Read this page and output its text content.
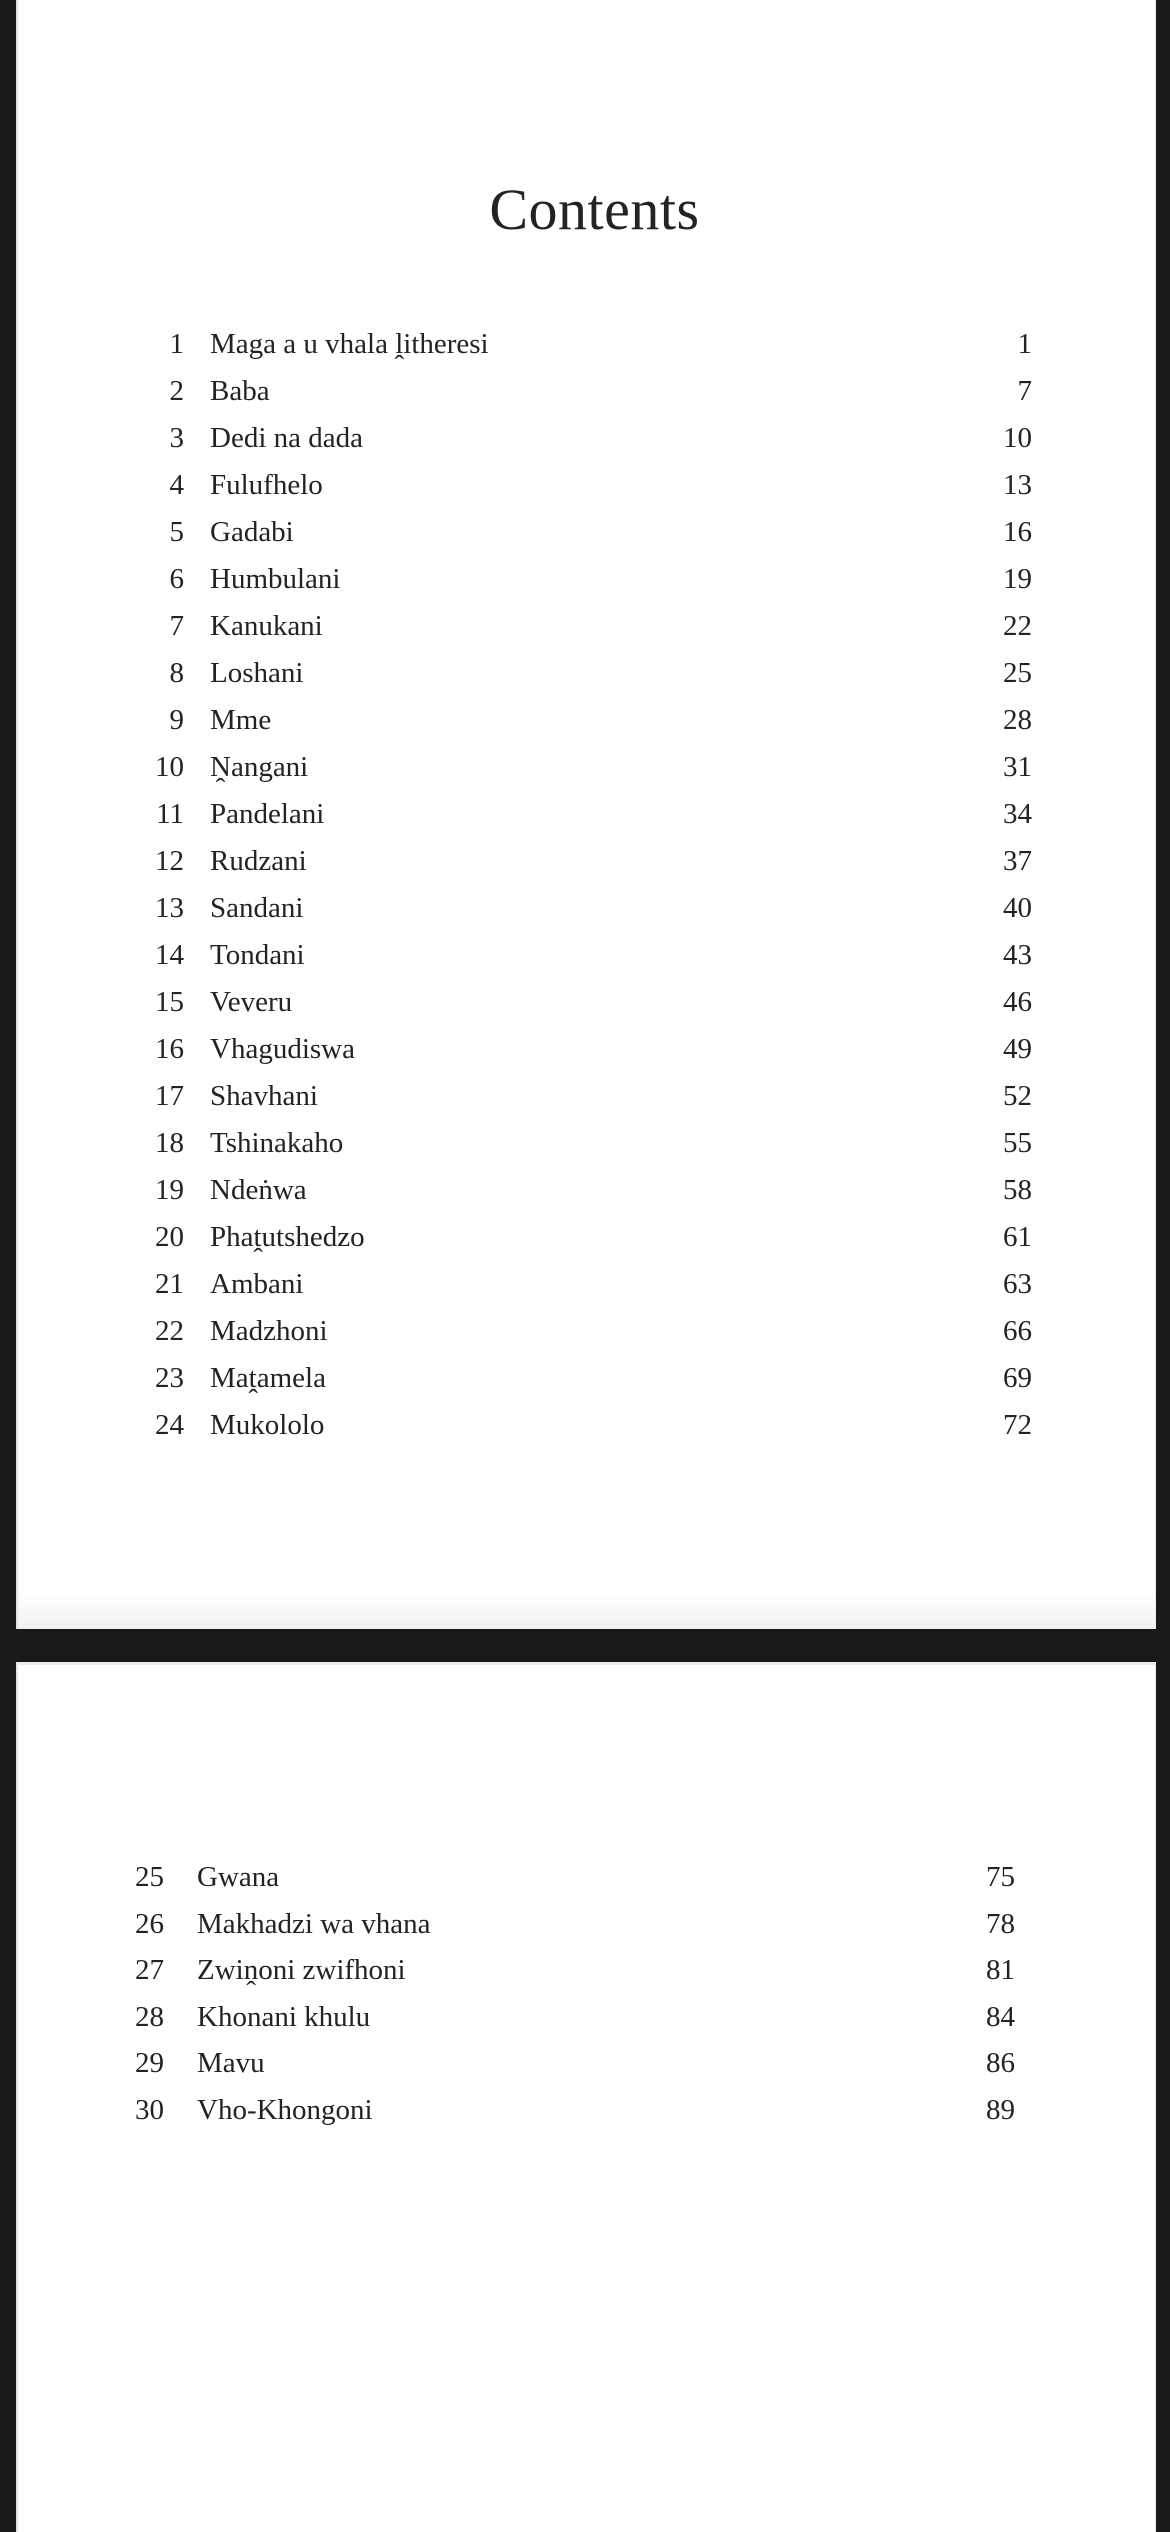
Contents
1 Maga a u vhala ḽitheresi	1
2 Baba	7
3 Dedi na dada	10
4 Fulufhelo	13
5 Gadabi	16
6 Humbulani	19
7 Kanukani	22
8 Loshani	25
9 Mme	28
10 Ṋangani	31
11 Pandelani	34
12 Rudzani	37
13 Sandani	40
14 Tondani	43
15 Veveru	46
16 Vhagudiswa	49
17 Shavhani	52
18 Tshinakaho	55
19 Ndeṅwa	58
20 Phaṱutshedzo	61
21 Ambani	63
22 Madzhoni	66
23 Maṱamela	69
24 Mukololo	72
25 Gwana	75
26 Makhadzi wa vhana	78
27 Zwiṋoni zwifhoni	81
28 Khonani khulu	84
29 Mavu	86
30 Vho-Khongoni	89
